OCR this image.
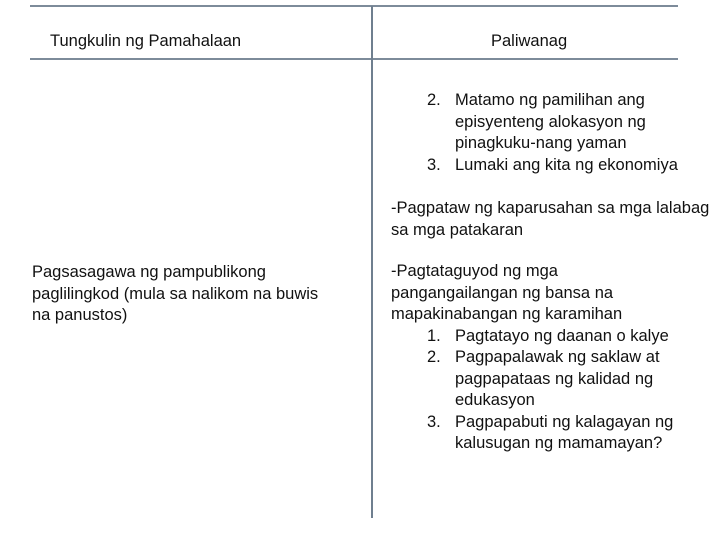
Tungkulin ng Pamahalaan	Paliwanag
2. Matamo ng pamilihan ang
episyenteng alokasyon ng
pinagkuku-nang yaman
3. Lumaki ang kita ng ekonomiya
-Pagpataw ng kaparusahan sa mga lalabag
sa mga patakaran
Pagsasagawa ng pampublikong
paglilingkod (mula sa nalikom na buwis
na panustos)
-Pagtataguyod ng mga
pangangailangan ng bansa na
mapakinabangan ng karamihan
1. Pagtatayo ng daanan o kalye
2. Pagpapalawak ng saklaw at
pagpapataas ng kalidad ng
edukasyon
3. Pagpapabuti ng kalagayan ng
kalusugan ng mamamayan?
